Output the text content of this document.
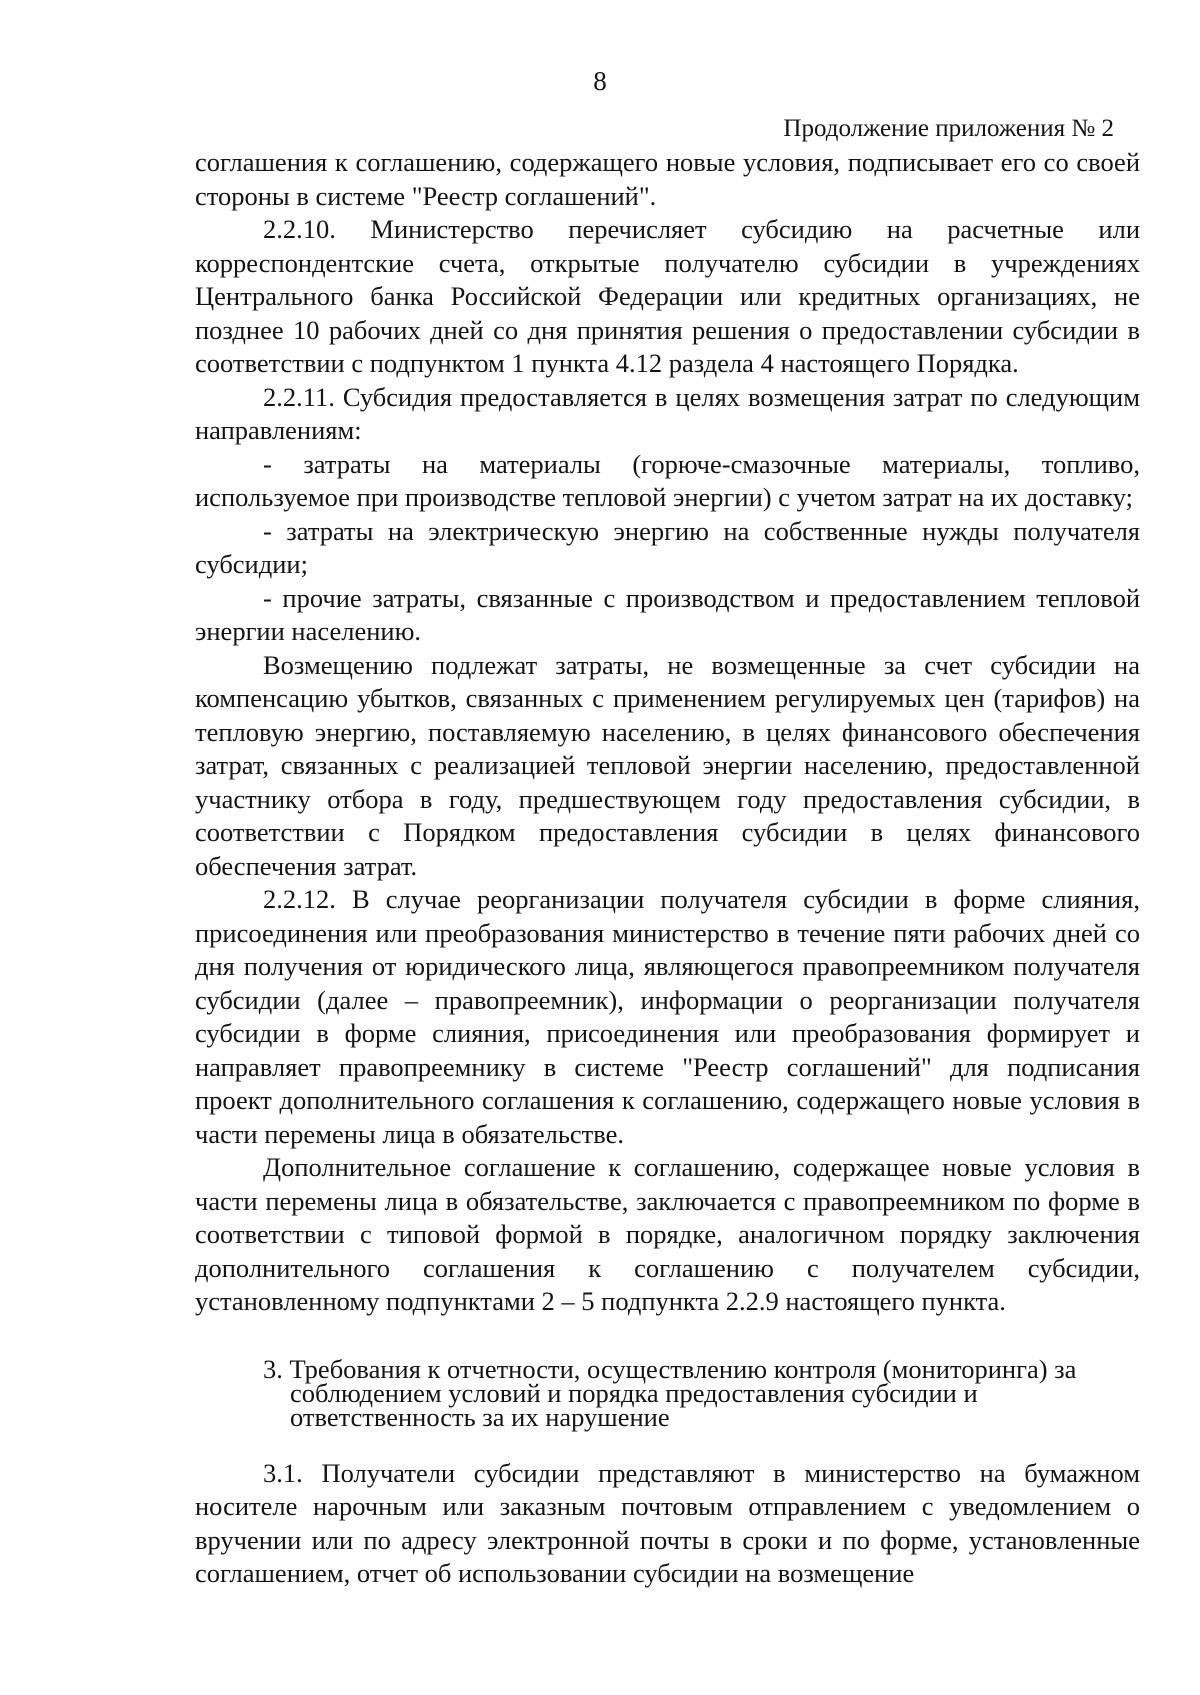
8
Продолжение приложения № 2

соглашения к соглашению, содержащего новые условия, подписывает его со своей стороны в системе "Реестр соглашений".

2.2.10. Министерство перечисляет субсидию на расчетные или корреспондентские счета, открытые получателю субсидии в учреждениях Центрального банка Российской Федерации или кредитных организациях, не позднее 10 рабочих дней со дня принятия решения о предоставлении субсидии в соответствии с подпунктом 1 пункта 4.12 раздела 4 настоящего Порядка.

2.2.11. Субсидия предоставляется в целях возмещения затрат по следующим направлениям:

- затраты на материалы (горюче-смазочные материалы, топливо, используемое при производстве тепловой энергии) с учетом затрат на их доставку;

- затраты на электрическую энергию на собственные нужды получателя субсидии;

- прочие затраты, связанные с производством и предоставлением тепловой энергии населению.

Возмещению подлежат затраты, не возмещенные за счет субсидии на компенсацию убытков, связанных с применением регулируемых цен (тарифов) на тепловую энергию, поставляемую населению, в целях финансового обеспечения затрат, связанных с реализацией тепловой энергии населению, предоставленной участнику отбора в году, предшествующем году предоставления субсидии, в соответствии с Порядком предоставления субсидии в целях финансового обеспечения затрат.

2.2.12. В случае реорганизации получателя субсидии в форме слияния, присоединения или преобразования министерство в течение пяти рабочих дней со дня получения от юридического лица, являющегося правопреемником получателя субсидии (далее – правопреемник), информации о реорганизации получателя субсидии в форме слияния, присоединения или преобразования формирует и направляет правопреемнику в системе "Реестр соглашений" для подписания проект дополнительного соглашения к соглашению, содержащего новые условия в части перемены лица в обязательстве.

Дополнительное соглашение к соглашению, содержащее новые условия в части перемены лица в обязательстве, заключается с правопреемником по форме в соответствии с типовой формой в порядке, аналогичном порядку заключения дополнительного соглашения к соглашению с получателем субсидии, установленному подпунктами 2 – 5 подпункта 2.2.9 настоящего пункта.

3. Требования к отчетности, осуществлению контроля (мониторинга) за
соблюдением условий и порядка предоставления субсидии и
ответственность за их нарушение

3.1. Получатели субсидии представляют в министерство на бумажном носителе нарочным или заказным почтовым отправлением с уведомлением о вручении или по адресу электронной почты в сроки и по форме, установленные соглашением, отчет об использовании субсидии на возмещение
